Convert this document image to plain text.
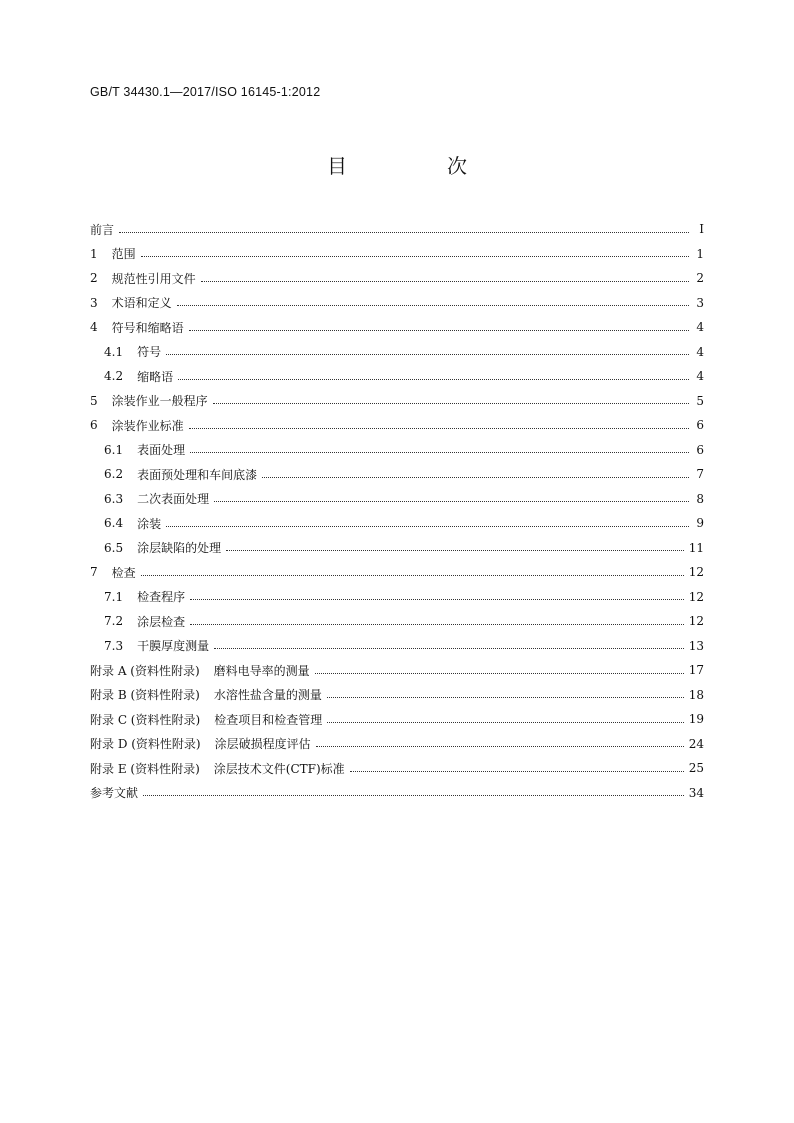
GB/T 34430.1—2017/ISO 16145-1:2012
目　次
前言	Ⅰ
1 范围	1
2 规范性引用文件	2
3 术语和定义	3
4 符号和缩略语	4
4.1 符号	4
4.2 缩略语	4
5 涂装作业一般程序	5
6 涂装作业标准	6
6.1 表面处理	6
6.2 表面预处理和车间底漆	7
6.3 二次表面处理	8
6.4 涂装	9
6.5 涂层缺陷的处理	11
7 检查	12
7.1 检查程序	12
7.2 涂层检查	12
7.3 干膜厚度测量	13
附录 A (资料性附录) 磨料电导率的测量	17
附录 B (资料性附录) 水溶性盐含量的测量	18
附录 C (资料性附录) 检查项目和检查管理	19
附录 D (资料性附录) 涂层破损程度评估	24
附录 E (资料性附录) 涂层技术文件(CTF)标准	25
参考文献	34
